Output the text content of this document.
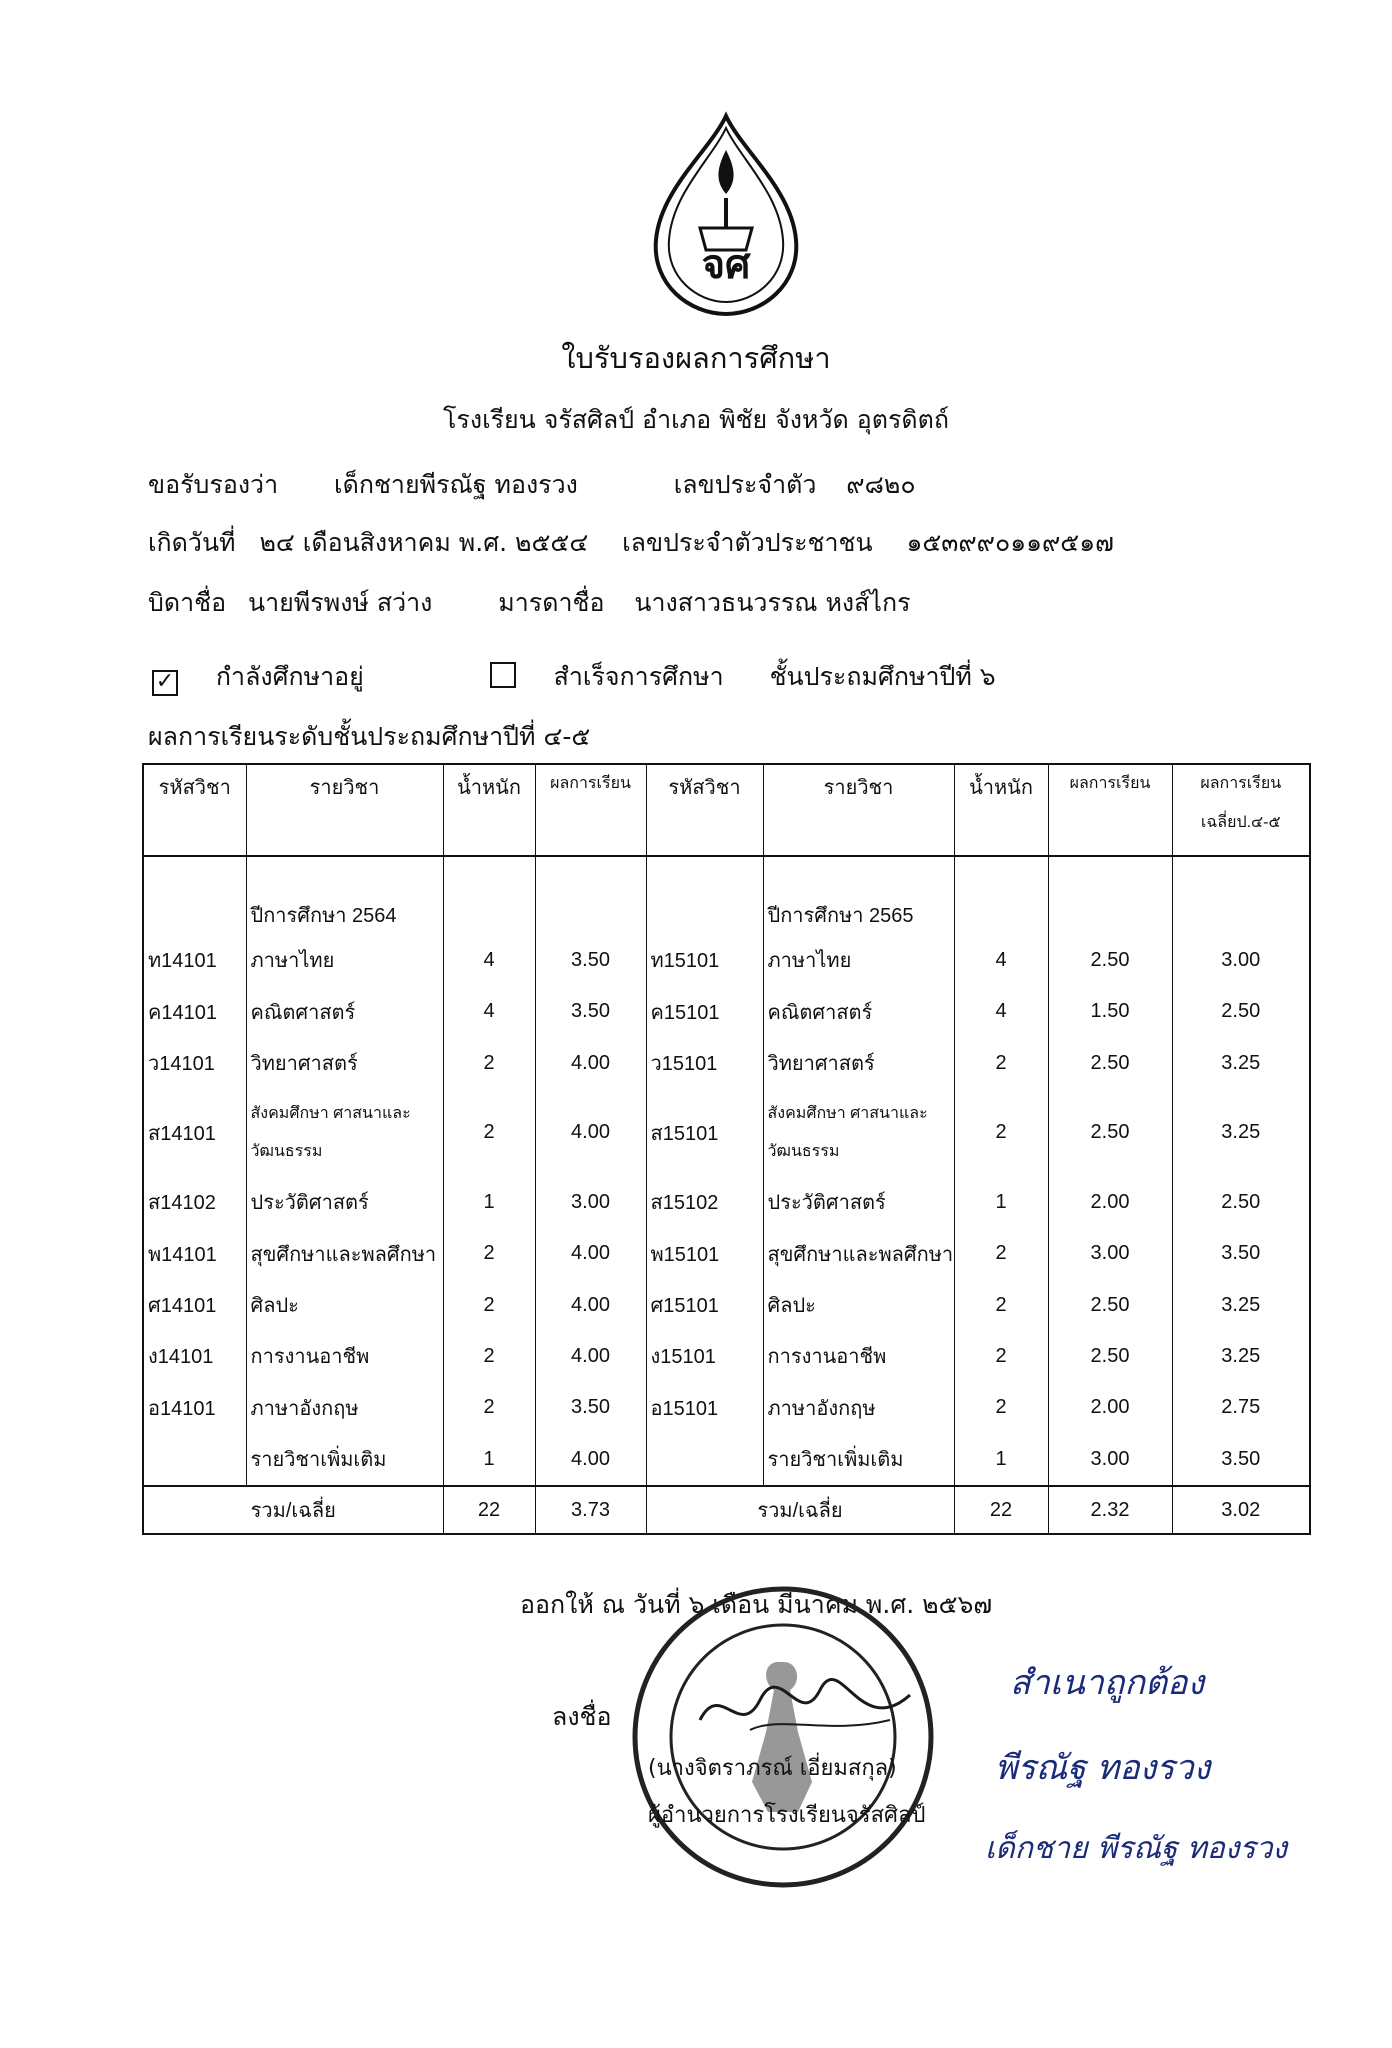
จศ
ใบรับรองผลการศึกษา
โรงเรียน จรัสศิลป์ อำเภอ พิชัย จังหวัด อุตรดิตถ์
ขอรับรองว่า เด็กชายพีรณัฐ ทองรวง	เลขประจำตัว ๙๘๒๐
เกิดวันที่ ๒๔ เดือนสิงหาคม พ.ศ. ๒๕๕๔ เลขประจำตัวประชาชน ๑๕๓๙๙๐๑๑๙๕๑๗
บิดาชื่อ นายพีรพงษ์ สว่าง	มารดาชื่อ นางสาวธนวรรณ หงส์ไกร
✓ กำลังศึกษาอยู่	สำเร็จการศึกษา ชั้นประถมศึกษาปีที่ ๖
ผลการเรียนระดับชั้นประถมศึกษาปีที่ ๔-๕
รหัสวิชา	รายวิชา	น้ำหนัก	ผลการเรียน	รหัสวิชา	รายวิชา	น้ำหนัก	ผลการเรียน	ผลการเรียน
เฉลี่ยป.๔-๕

	ปีการศึกษา 2564				ปีการศึกษา 2565			
ท14101	ภาษาไทย	4	3.50	ท15101	ภาษาไทย	4	2.50	3.00
ค14101	คณิตศาสตร์	4	3.50	ค15101	คณิตศาสตร์	4	1.50	2.50
ว14101	วิทยาศาสตร์	2	4.00	ว15101	วิทยาศาสตร์	2	2.50	3.25
ส14101	สังคมศึกษา ศาสนาและวัฒนธรรม	2	4.00	ส15101	สังคมศึกษา ศาสนาและวัฒนธรรม	2	2.50	3.25
ส14102	ประวัติศาสตร์	1	3.00	ส15102	ประวัติศาสตร์	1	2.00	2.50
พ14101	สุขศึกษาและพลศึกษา	2	4.00	พ15101	สุขศึกษาและพลศึกษา	2	3.00	3.50
ศ14101	ศิลปะ	2	4.00	ศ15101	ศิลปะ	2	2.50	3.25
ง14101	การงานอาชีพ	2	4.00	ง15101	การงานอาชีพ	2	2.50	3.25
อ14101	ภาษาอังกฤษ	2	3.50	อ15101	ภาษาอังกฤษ	2	2.00	2.75
	รายวิชาเพิ่มเติม	1	4.00		รายวิชาเพิ่มเติม	1	3.00	3.50
รวม/เฉลี่ย		22	3.73	รวม/เฉลี่ย		22	2.32	3.02
ออกให้ ณ วันที่ ๖ เดือน มีนาคม พ.ศ. ๒๕๖๗
ลงชื่อ
(นางจิตราภรณ์ เอี่ยมสกุล)
ผู้อำนวยการโรงเรียนจรัสศิลป์
สำเนาถูกต้อง
พีรณัฐ ทองรวง
เด็กชาย พีรณัฐ ทองรวง
